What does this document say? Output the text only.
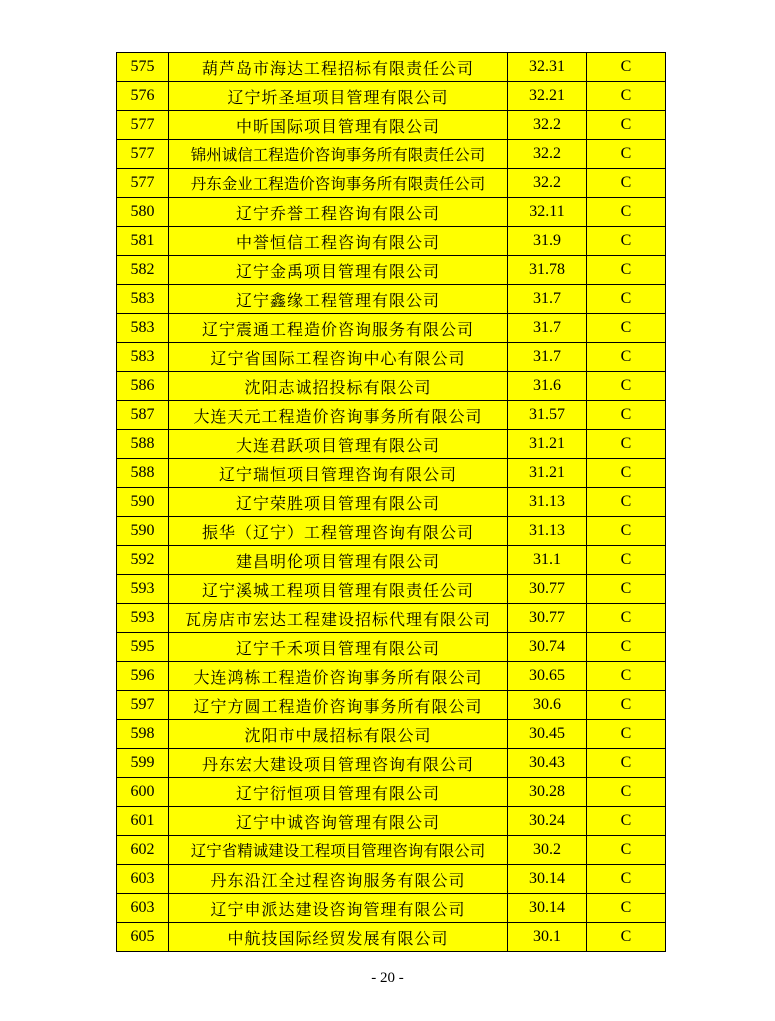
575	葫芦岛市海达工程招标有限责任公司	32.31	C
576	辽宁圻圣垣项目管理有限公司	32.21	C
577	中昕国际项目管理有限公司	32.2	C
577	锦州诚信工程造价咨询事务所有限责任公司	32.2	C
577	丹东金业工程造价咨询事务所有限责任公司	32.2	C
580	辽宁乔誉工程咨询有限公司	32.11	C
581	中誉恒信工程咨询有限公司	31.9	C
582	辽宁金禹项目管理有限公司	31.78	C
583	辽宁鑫缘工程管理有限公司	31.7	C
583	辽宁震通工程造价咨询服务有限公司	31.7	C
583	辽宁省国际工程咨询中心有限公司	31.7	C
586	沈阳志诚招投标有限公司	31.6	C
587	大连天元工程造价咨询事务所有限公司	31.57	C
588	大连君跃项目管理有限公司	31.21	C
588	辽宁瑞恒项目管理咨询有限公司	31.21	C
590	辽宁荣胜项目管理有限公司	31.13	C
590	振华（辽宁）工程管理咨询有限公司	31.13	C
592	建昌明伦项目管理有限公司	31.1	C
593	辽宁溪城工程项目管理有限责任公司	30.77	C
593	瓦房店市宏达工程建设招标代理有限公司	30.77	C
595	辽宁千禾项目管理有限公司	30.74	C
596	大连鸿栋工程造价咨询事务所有限公司	30.65	C
597	辽宁方圆工程造价咨询事务所有限公司	30.6	C
598	沈阳市中晟招标有限公司	30.45	C
599	丹东宏大建设项目管理咨询有限公司	30.43	C
600	辽宁衍恒项目管理有限公司	30.28	C
601	辽宁中诚咨询管理有限公司	30.24	C
602	辽宁省精诚建设工程项目管理咨询有限公司	30.2	C
603	丹东沿江全过程咨询服务有限公司	30.14	C
603	辽宁申派达建设咨询管理有限公司	30.14	C
605	中航技国际经贸发展有限公司	30.1	C
- 20 -
